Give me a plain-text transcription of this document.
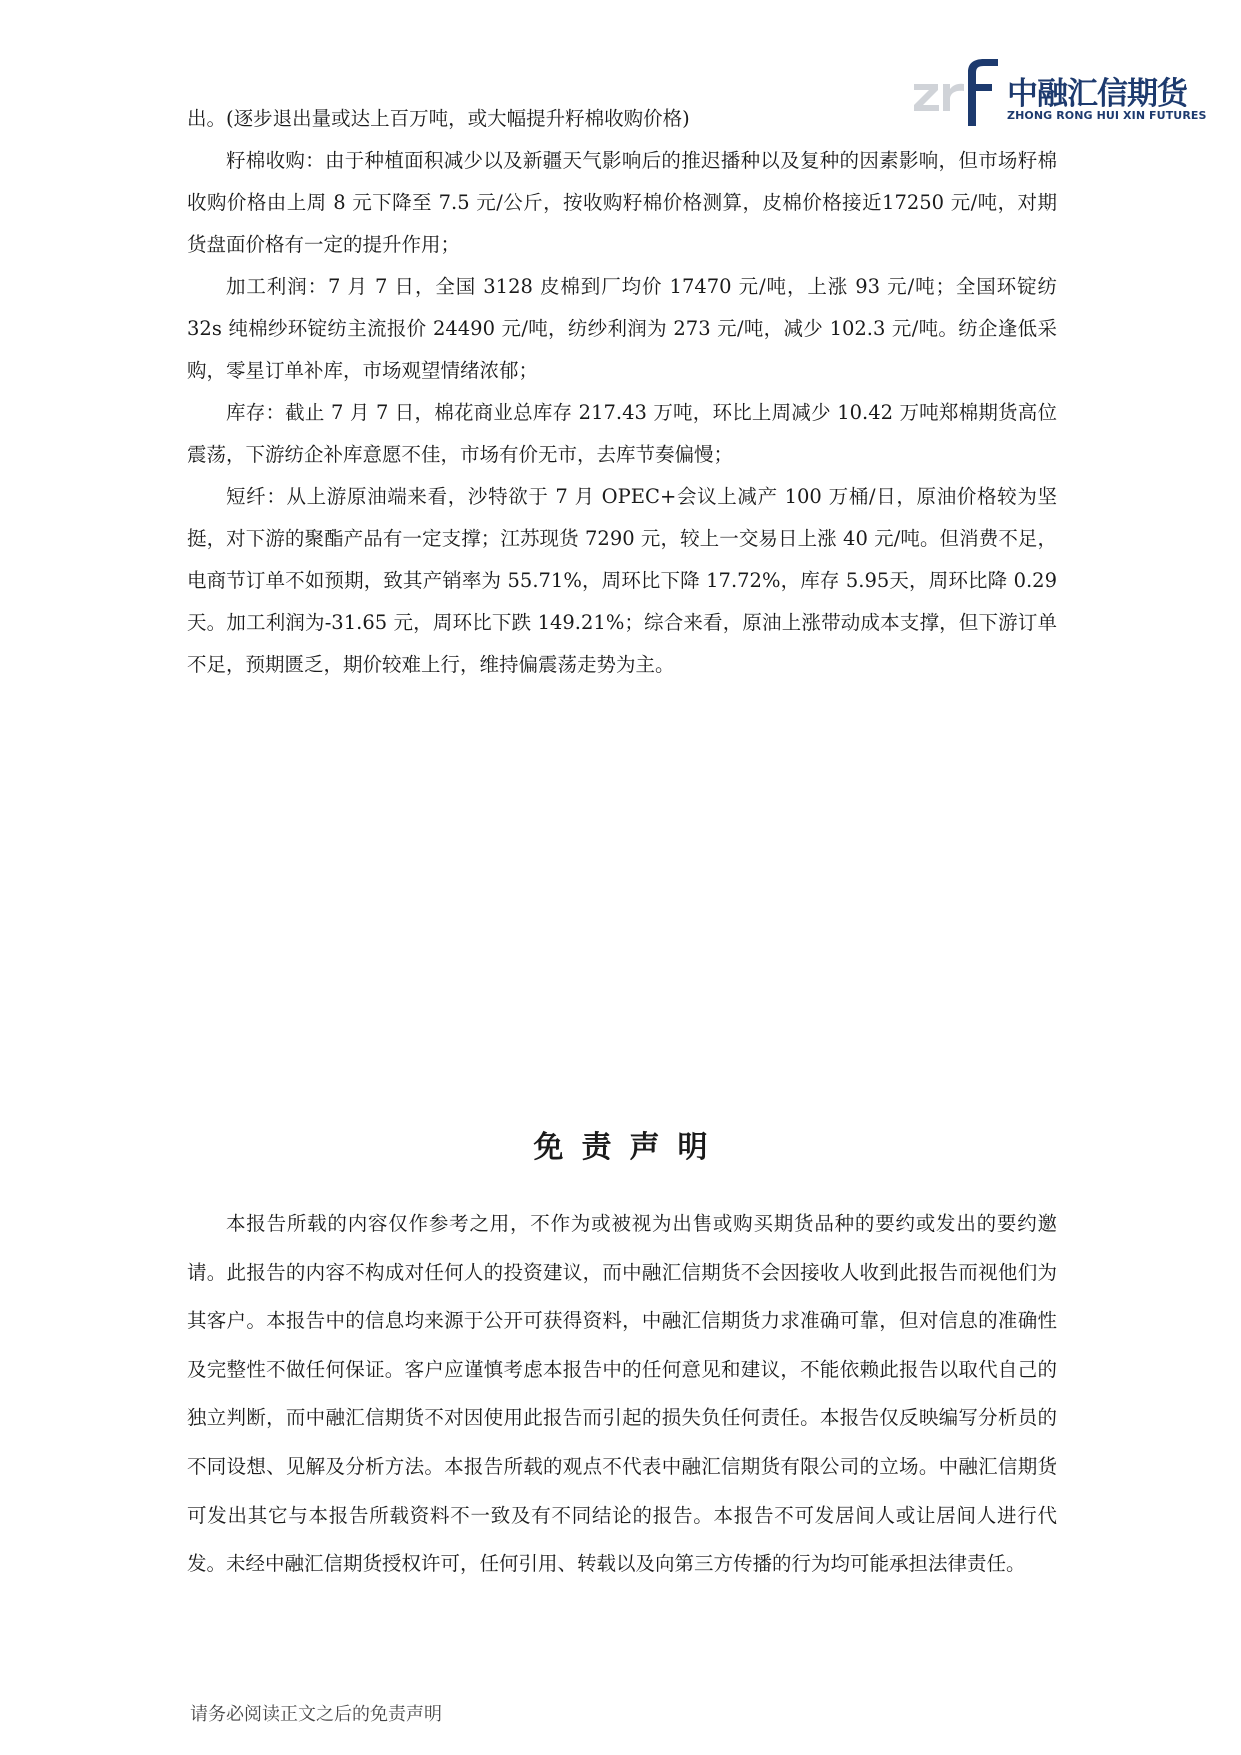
zrf
中融汇信期货
ZHONG RONG HUI XIN FUTURES

出。(逐步退出量或达上百万吨，或大幅提升籽棉收购价格)

籽棉收购：由于种植面积减少以及新疆天气影响后的推迟播种以及复种的因素影响，但市场籽棉收购价格由上周 8 元下降至 7.5 元/公斤，按收购籽棉价格测算，皮棉价格接近17250 元/吨，对期货盘面价格有一定的提升作用；

加工利润：7 月 7 日，全国 3128 皮棉到厂均价 17470 元/吨，上涨 93 元/吨；全国环锭纺 32s 纯棉纱环锭纺主流报价 24490 元/吨，纺纱利润为 273 元/吨，减少 102.3 元/吨。纺企逢低采购，零星订单补库，市场观望情绪浓郁；

库存：截止 7 月 7 日，棉花商业总库存 217.43 万吨，环比上周减少 10.42 万吨郑棉期货高位震荡，下游纺企补库意愿不佳，市场有价无市，去库节奏偏慢；

短纤：从上游原油端来看，沙特欲于 7 月 OPEC+会议上减产 100 万桶/日，原油价格较为坚挺，对下游的聚酯产品有一定支撑；江苏现货 7290 元，较上一交易日上涨 40 元/吨。但消费不足，电商节订单不如预期，致其产销率为 55.71%，周环比下降 17.72%，库存 5.95天，周环比降 0.29 天。加工利润为-31.65 元，周环比下跌 149.21%；综合来看，原油上涨带动成本支撑，但下游订单不足，预期匮乏，期价较难上行，维持偏震荡走势为主。

免责声明

本报告所载的内容仅作参考之用，不作为或被视为出售或购买期货品种的要约或发出的要约邀请。此报告的内容不构成对任何人的投资建议，而中融汇信期货不会因接收人收到此报告而视他们为其客户。本报告中的信息均来源于公开可获得资料，中融汇信期货力求准确可靠，但对信息的准确性及完整性不做任何保证。客户应谨慎考虑本报告中的任何意见和建议，不能依赖此报告以取代自己的独立判断，而中融汇信期货不对因使用此报告而引起的损失负任何责任。本报告仅反映编写分析员的不同设想、见解及分析方法。本报告所载的观点不代表中融汇信期货有限公司的立场。中融汇信期货可发出其它与本报告所载资料不一致及有不同结论的报告。本报告不可发居间人或让居间人进行代发。未经中融汇信期货授权许可，任何引用、转载以及向第三方传播的行为均可能承担法律责任。

请务必阅读正文之后的免责声明
